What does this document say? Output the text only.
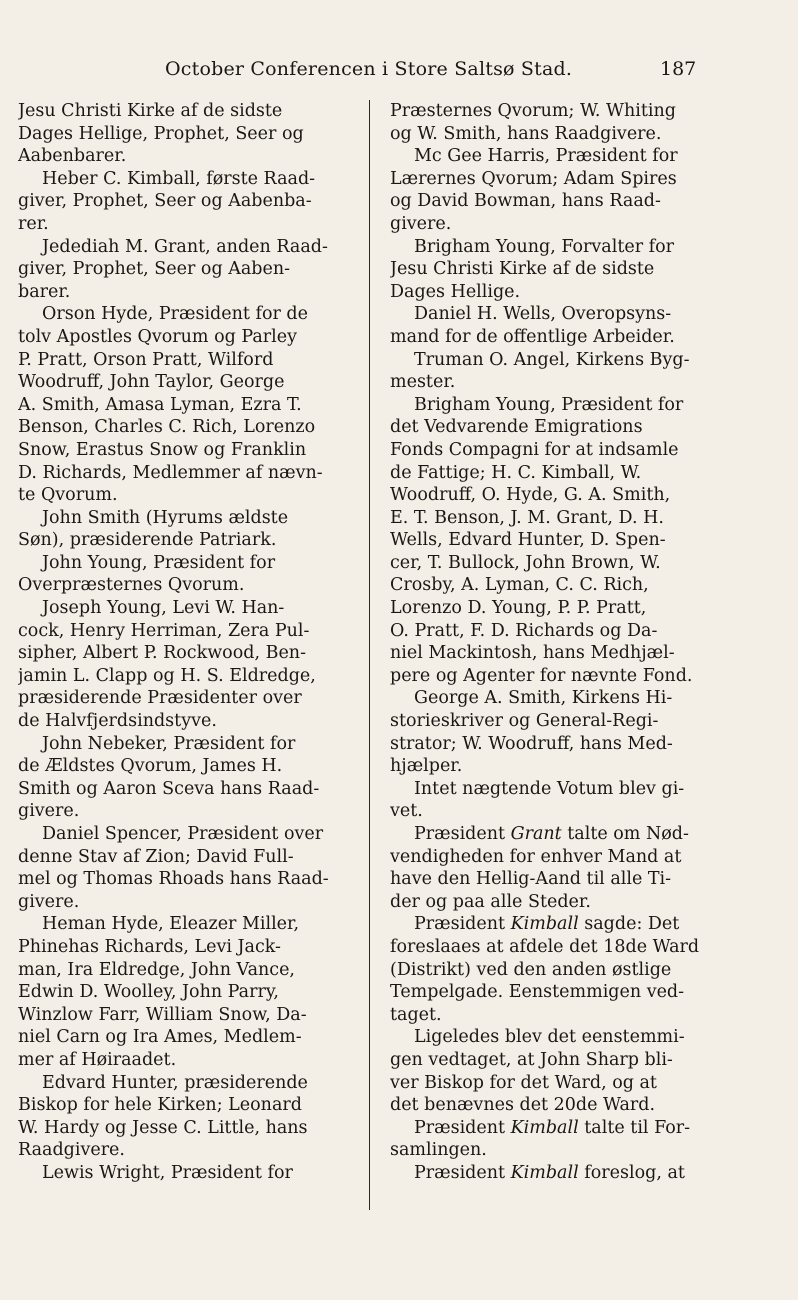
October Conferencen i Store Saltsø Stad.	187
Jesu Christi Kirke af de sidste
Dages Hellige, Prophet, Seer og
Aabenbarer.
Heber C. Kimball, første Raad-
giver, Prophet, Seer og Aabenba-
rer.
Jedediah M. Grant, anden Raad-
giver, Prophet, Seer og Aaben-
barer.
Orson Hyde, Præsident for de
tolv Apostles Qvorum og Parley
P. Pratt, Orson Pratt, Wilford
Woodruff, John Taylor, George
A. Smith, Amasa Lyman, Ezra T.
Benson, Charles C. Rich, Lorenzo
Snow, Erastus Snow og Franklin
D. Richards, Medlemmer af nævn-
te Qvorum.
John Smith (Hyrums ældste
Søn), præsiderende Patriark.
John Young, Præsident for
Overpræsternes Qvorum.
Joseph Young, Levi W. Han-
cock, Henry Herriman, Zera Pul-
sipher, Albert P. Rockwood, Ben-
jamin L. Clapp og H. S. Eldredge,
præsiderende Præsidenter over
de Halvfjerdsindstyve.
John Nebeker, Præsident for
de Ældstes Qvorum, James H.
Smith og Aaron Sceva hans Raad-
givere.
Daniel Spencer, Præsident over
denne Stav af Zion; David Full-
mel og Thomas Rhoads hans Raad-
givere.
Heman Hyde, Eleazer Miller,
Phinehas Richards, Levi Jack-
man, Ira Eldredge, John Vance,
Edwin D. Woolley, John Parry,
Winzlow Farr, William Snow, Da-
niel Carn og Ira Ames, Medlem-
mer af Høiraadet.
Edvard Hunter, præsiderende
Biskop for hele Kirken; Leonard
W. Hardy og Jesse C. Little, hans
Raadgivere.
Lewis Wright, Præsident for
Præsternes Qvorum; W. Whiting
og W. Smith, hans Raadgivere.
Mc Gee Harris, Præsident for
Lærernes Qvorum; Adam Spires
og David Bowman, hans Raad-
givere.
Brigham Young, Forvalter for
Jesu Christi Kirke af de sidste
Dages Hellige.
Daniel H. Wells, Overopsyns-
mand for de offentlige Arbeider.
Truman O. Angel, Kirkens Byg-
mester.
Brigham Young, Præsident for
det Vedvarende Emigrations
Fonds Compagni for at indsamle
de Fattige; H. C. Kimball, W.
Woodruff, O. Hyde, G. A. Smith,
E. T. Benson, J. M. Grant, D. H.
Wells, Edvard Hunter, D. Spen-
cer, T. Bullock, John Brown, W.
Crosby, A. Lyman, C. C. Rich,
Lorenzo D. Young, P. P. Pratt,
O. Pratt, F. D. Richards og Da-
niel Mackintosh, hans Medhjæl-
pere og Agenter for nævnte Fond.
George A. Smith, Kirkens Hi-
storieskriver og General-Regi-
strator; W. Woodruff, hans Med-
hjælper.
Intet nægtende Votum blev gi-
vet.
Præsident Grant talte om Nød-
vendigheden for enhver Mand at
have den Hellig-Aand til alle Ti-
der og paa alle Steder.
Præsident Kimball sagde: Det
foreslaaes at afdele det 18de Ward
(Distrikt) ved den anden østlige
Tempelgade. Eenstemmigen ved-
taget.
Ligeledes blev det eenstemmi-
gen vedtaget, at John Sharp bli-
ver Biskop for det Ward, og at
det benævnes det 20de Ward.
Præsident Kimball talte til For-
samlingen.
Præsident Kimball foreslog, at
